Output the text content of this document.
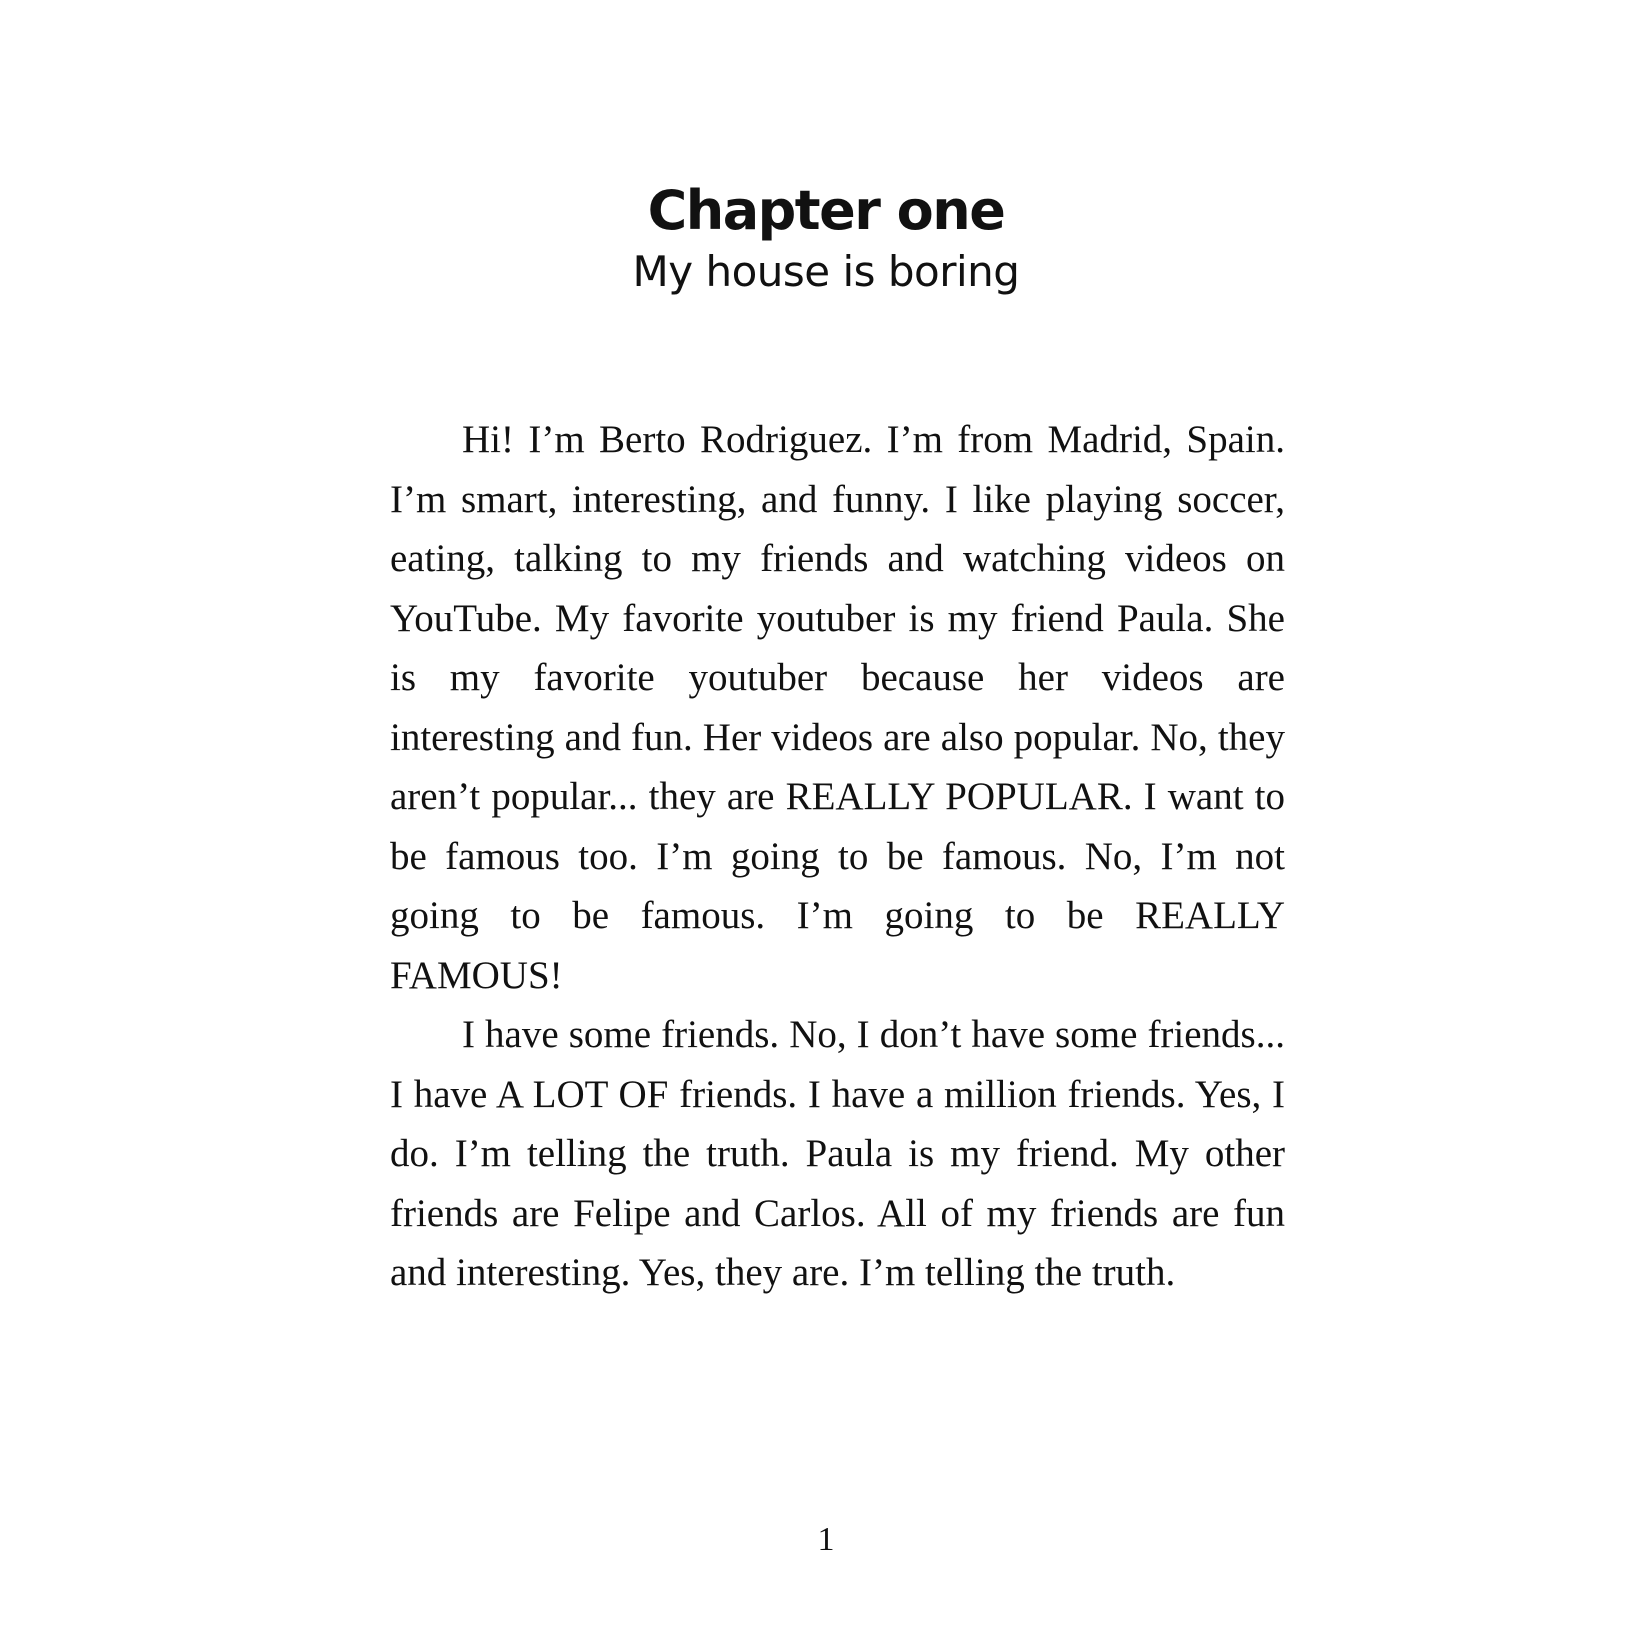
Chapter one
My house is boring

Hi! I’m Berto Rodriguez. I’m from Madrid, Spain. I’m smart, interesting, and funny. I like playing soccer, eating, talking to my friends and watching videos on YouTube. My favorite youtuber is my friend Paula. She is my favorite youtuber because her videos are interesting and fun. Her videos are also popular. No, they aren’t popular... they are REALLY POPULAR. I want to be famous too. I’m going to be famous. No, I’m not going to be famous. I’m going to be REALLY FAMOUS!

I have some friends. No, I don’t have some friends... I have A LOT OF friends. I have a million friends. Yes, I do. I’m telling the truth. Paula is my friend. My other friends are Felipe and Carlos. All of my friends are fun and interesting. Yes, they are. I’m telling the truth.

1
